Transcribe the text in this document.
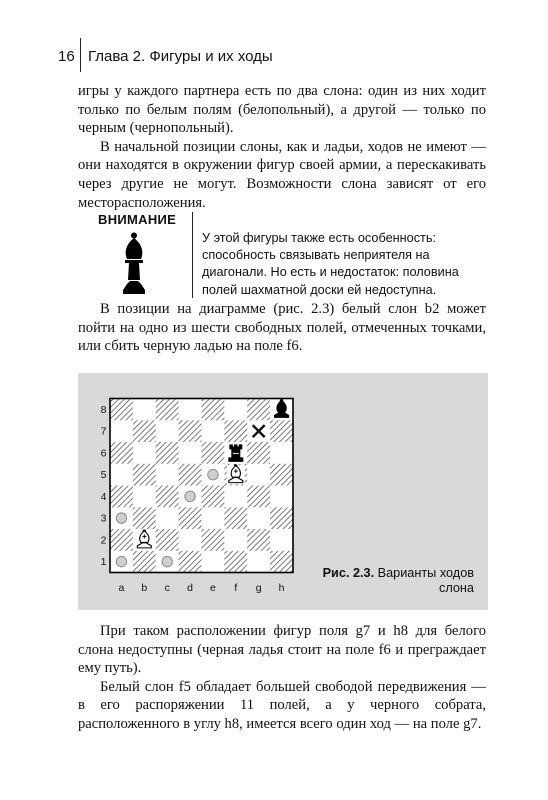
16 Глава 2. Фигуры и их ходы

игры у каждого партнера есть по два слона: один из них ходит только по белым полям (белопольный), а другой — только по черным (чернопольный).

В начальной позиции слоны, как и ладьи, ходов не имеют — они находятся в окружении фигур своей армии, а перескакивать через другие не могут. Возможности слона зависят от его месторасположения.

ВНИМАНИЕ
У этой фигуры также есть особенность: способность связывать неприятеля на диагонали. Но есть и недостаток: половина полей шахматной доски ей недоступна.

В позиции на диаграмме (рис. 2.3) белый слон b2 может пойти на одно из шести свободных полей, отмеченных точками, или сбить черную ладью на поле f6.

8
7
6
5
4
3
2
1
a b c d e f g h
Рис. 2.3. Варианты ходов слона

При таком расположении фигур поля g7 и h8 для белого слона недоступны (черная ладья стоит на поле f6 и преграждает ему путь).

Белый слон f5 обладает большей свободой передвижения — в его распоряжении 11 полей, а у черного собрата, расположенного в углу h8, имеется всего один ход — на поле g7.
